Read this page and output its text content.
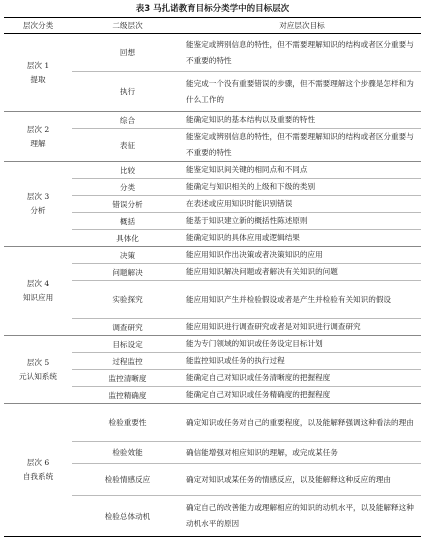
表3 马扎诺教育目标分类学中的目标层次
层次分类	二级层次	对应层次目标

层次 1
提取	回想	能鉴定或辨别信息的特性，但不需要理解知识的结构或者区分重要与不重要的特性
	执行	能完成一个没有重要错误的步骤，但不需要理解这个步骤是怎样和为什么工作的

层次 2
理解	综合	能确定知识的基本结构以及重要的特性
	表征	能鉴定或辨别信息的特性，但不需要理解知识的结构或者区分重要与不重要的特性

层次 3
分析	比较	能鉴定知识间关键的相同点和不同点
	分类	能确定与知识相关的上级和下级的类别
	错误分析	在表述或应用知识时能识别错误
	概括	能基于知识建立新的概括性陈述原则
	具体化	能确定知识的具体应用或逻辑结果

层次 4
知识应用	决策	能应用知识作出决策或者决策知识的应用
	问题解决	能应用知识解决问题或者解决有关知识的问题
	实验探究	能应用知识产生并检验假设或者是产生并检验有关知识的假设
	调查研究	能应用知识进行调查研究或者是对知识进行调查研究

层次 5
元认知系统	目标设定	能为专门领域的知识或任务设定目标计划
	过程监控	能监控知识或任务的执行过程
	监控清晰度	能确定自己对知识或任务清晰度的把握程度
	监控精确度	能确定自己对知识或任务精确度的把握程度

层次 6
自我系统	检验重要性	确定知识或任务对自己的重要程度，以及能解释强调这种看法的理由
	检验效能	确信能增强对相应知识的理解，或完成某任务
	检验情感反应	确定对知识或某任务的情感反应，以及能解释这种反应的理由
	检验总体动机	确定自己的改善能力或理解相应的知识的动机水平，以及能解释这种动机水平的原因
